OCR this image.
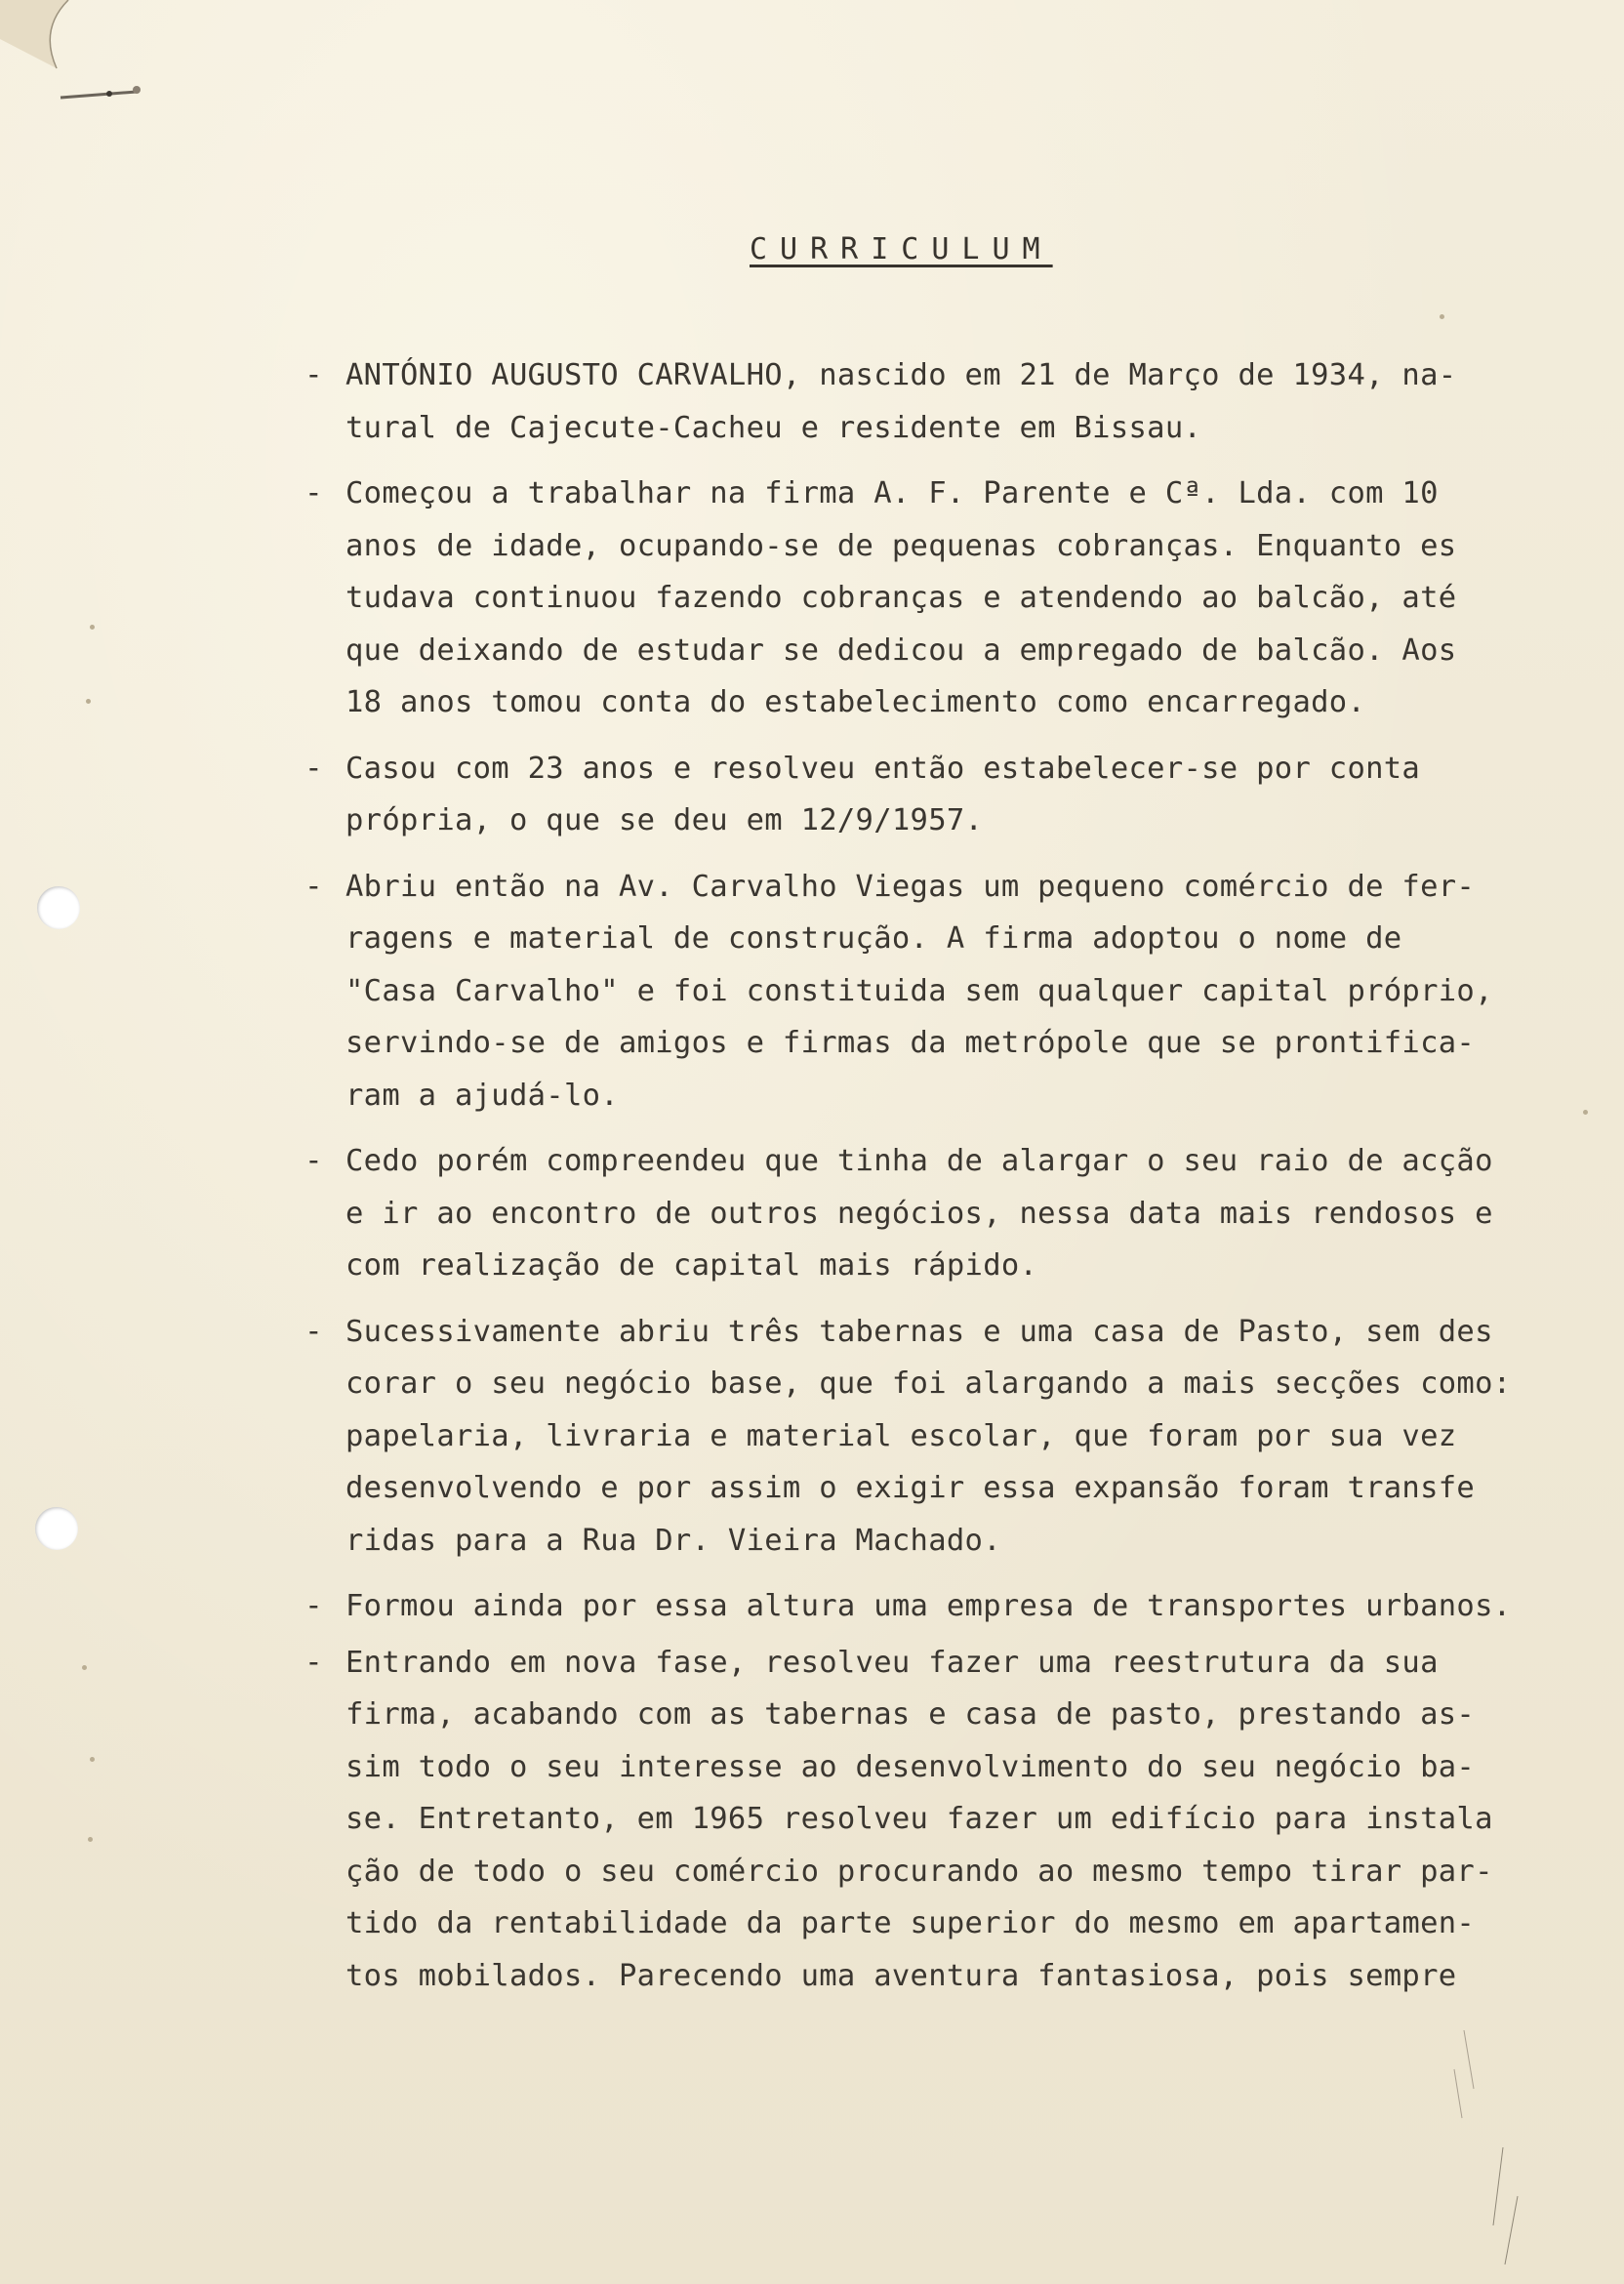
CURRICULUM
- ANTÓNIO AUGUSTO CARVALHO, nascido em 21 de Março de 1934, na-
tural de Cajecute-Cacheu e residente em Bissau.
- Começou a trabalhar na firma A. F. Parente e Cª. Lda. com 10
anos de idade, ocupando-se de pequenas cobranças. Enquanto es
tudava continuou fazendo cobranças e atendendo ao balcão, até
que deixando de estudar se dedicou a empregado de balcão. Aos
18 anos tomou conta do estabelecimento como encarregado.
- Casou com 23 anos e resolveu então estabelecer-se por conta
própria, o que se deu em 12/9/1957.
- Abriu então na Av. Carvalho Viegas um pequeno comércio de fer-
ragens e material de construção. A firma adoptou o nome de
"Casa Carvalho" e foi constituida sem qualquer capital próprio,
servindo-se de amigos e firmas da metrópole que se prontifica-
ram a ajudá-lo.
- Cedo porém compreendeu que tinha de alargar o seu raio de acção
e ir ao encontro de outros negócios, nessa data mais rendosos e
com realização de capital mais rápido.
- Sucessivamente abriu três tabernas e uma casa de Pasto, sem des
corar o seu negócio base, que foi alargando a mais secções como:
papelaria, livraria e material escolar, que foram por sua vez
desenvolvendo e por assim o exigir essa expansão foram transfe
ridas para a Rua Dr. Vieira Machado.
- Formou ainda por essa altura uma empresa de transportes urbanos.
- Entrando em nova fase, resolveu fazer uma reestrutura da sua
firma, acabando com as tabernas e casa de pasto, prestando as-
sim todo o seu interesse ao desenvolvimento do seu negócio ba-
se. Entretanto, em 1965 resolveu fazer um edifício para instala
ção de todo o seu comércio procurando ao mesmo tempo tirar par-
tido da rentabilidade da parte superior do mesmo em apartamen-
tos mobilados. Parecendo uma aventura fantasiosa, pois sempre
